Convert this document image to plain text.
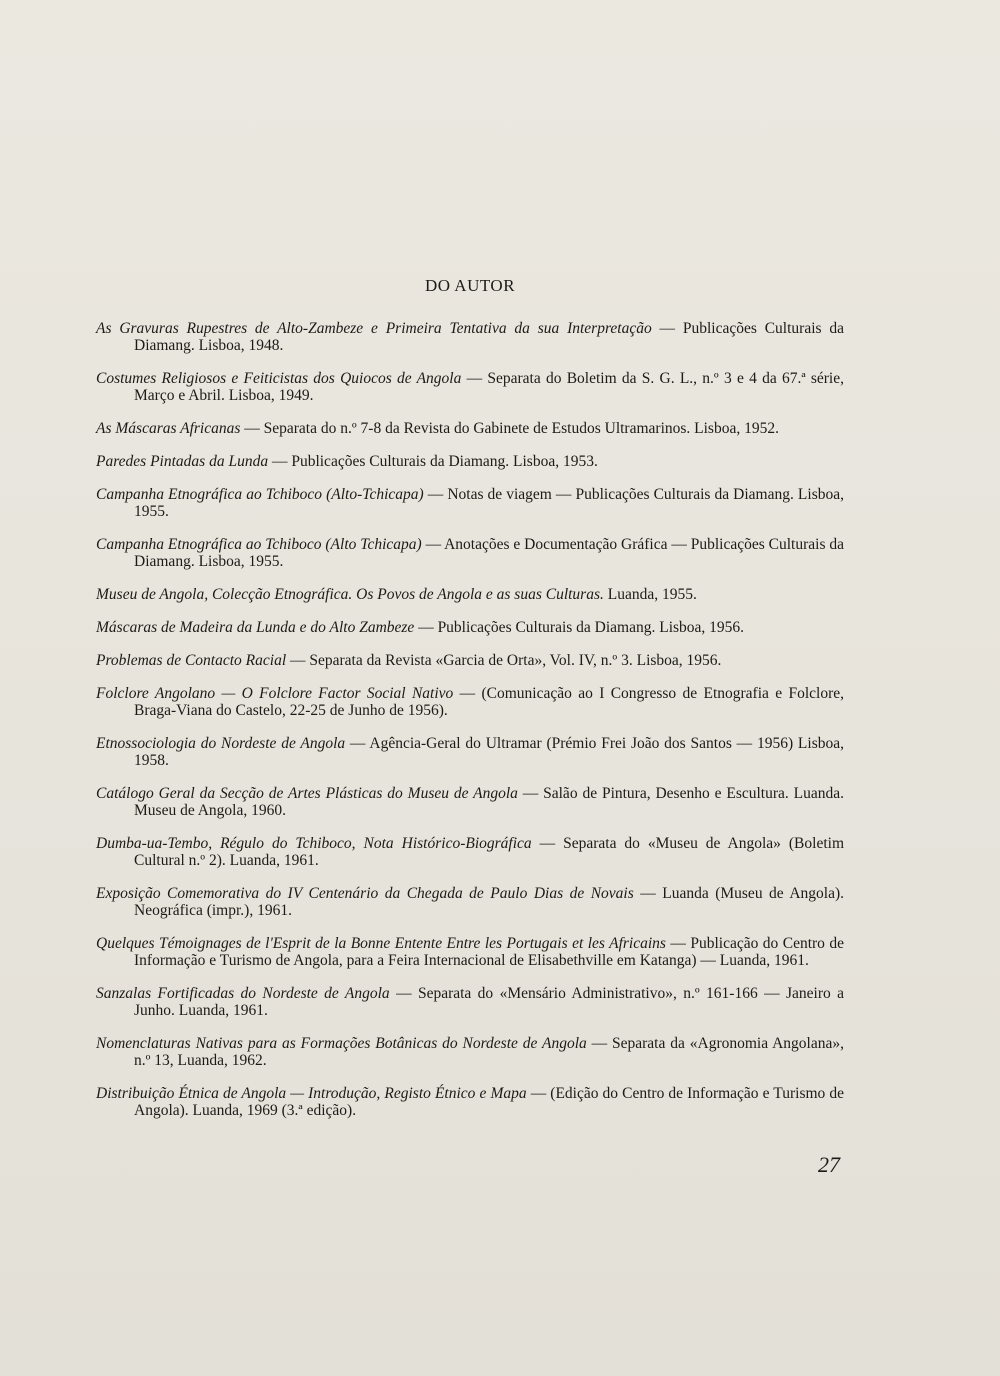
DO AUTOR

As Gravuras Rupestres de Alto-Zambeze e Primeira Tentativa da sua Interpretação — Publicações Culturais da Diamang. Lisboa, 1948.

Costumes Religiosos e Feiticistas dos Quiocos de Angola — Separata do Boletim da S. G. L., n.º 3 e 4 da 67.ª série, Março e Abril. Lisboa, 1949.

As Máscaras Africanas — Separata do n.º 7-8 da Revista do Gabinete de Estudos Ultramarinos. Lisboa, 1952.

Paredes Pintadas da Lunda — Publicações Culturais da Diamang. Lisboa, 1953.

Campanha Etnográfica ao Tchiboco (Alto-Tchicapa) — Notas de viagem — Publicações Culturais da Diamang. Lisboa, 1955.

Campanha Etnográfica ao Tchiboco (Alto Tchicapa) — Anotações e Documentação Gráfica — Publicações Culturais da Diamang. Lisboa, 1955.

Museu de Angola, Colecção Etnográfica. Os Povos de Angola e as suas Culturas. Luanda, 1955.

Máscaras de Madeira da Lunda e do Alto Zambeze — Publicações Culturais da Diamang. Lisboa, 1956.

Problemas de Contacto Racial — Separata da Revista «Garcia de Orta», Vol. IV, n.º 3. Lisboa, 1956.

Folclore Angolano — O Folclore Factor Social Nativo — (Comunicação ao I Congresso de Etnografia e Folclore, Braga-Viana do Castelo, 22-25 de Junho de 1956).

Etnossociologia do Nordeste de Angola — Agência-Geral do Ultramar (Prémio Frei João dos Santos — 1956) Lisboa, 1958.

Catálogo Geral da Secção de Artes Plásticas do Museu de Angola — Salão de Pintura, Desenho e Escultura. Luanda. Museu de Angola, 1960.

Dumba-ua-Tembo, Régulo do Tchiboco, Nota Histórico-Biográfica — Separata do «Museu de Angola» (Boletim Cultural n.º 2). Luanda, 1961.

Exposição Comemorativa do IV Centenário da Chegada de Paulo Dias de Novais — Luanda (Museu de Angola). Neográfica (impr.), 1961.

Quelques Témoignages de l'Esprit de la Bonne Entente Entre les Portugais et les Africains — Publicação do Centro de Informação e Turismo de Angola, para a Feira Internacional de Elisabethville em Katanga) — Luanda, 1961.

Sanzalas Fortificadas do Nordeste de Angola — Separata do «Mensário Administrativo», n.º 161-166 — Janeiro a Junho. Luanda, 1961.

Nomenclaturas Nativas para as Formações Botânicas do Nordeste de Angola — Separata da «Agronomia Angolana», n.º 13, Luanda, 1962.

Distribuição Étnica de Angola — Introdução, Registo Étnico e Mapa — (Edição do Centro de Informação e Turismo de Angola). Luanda, 1969 (3.ª edição).

27
